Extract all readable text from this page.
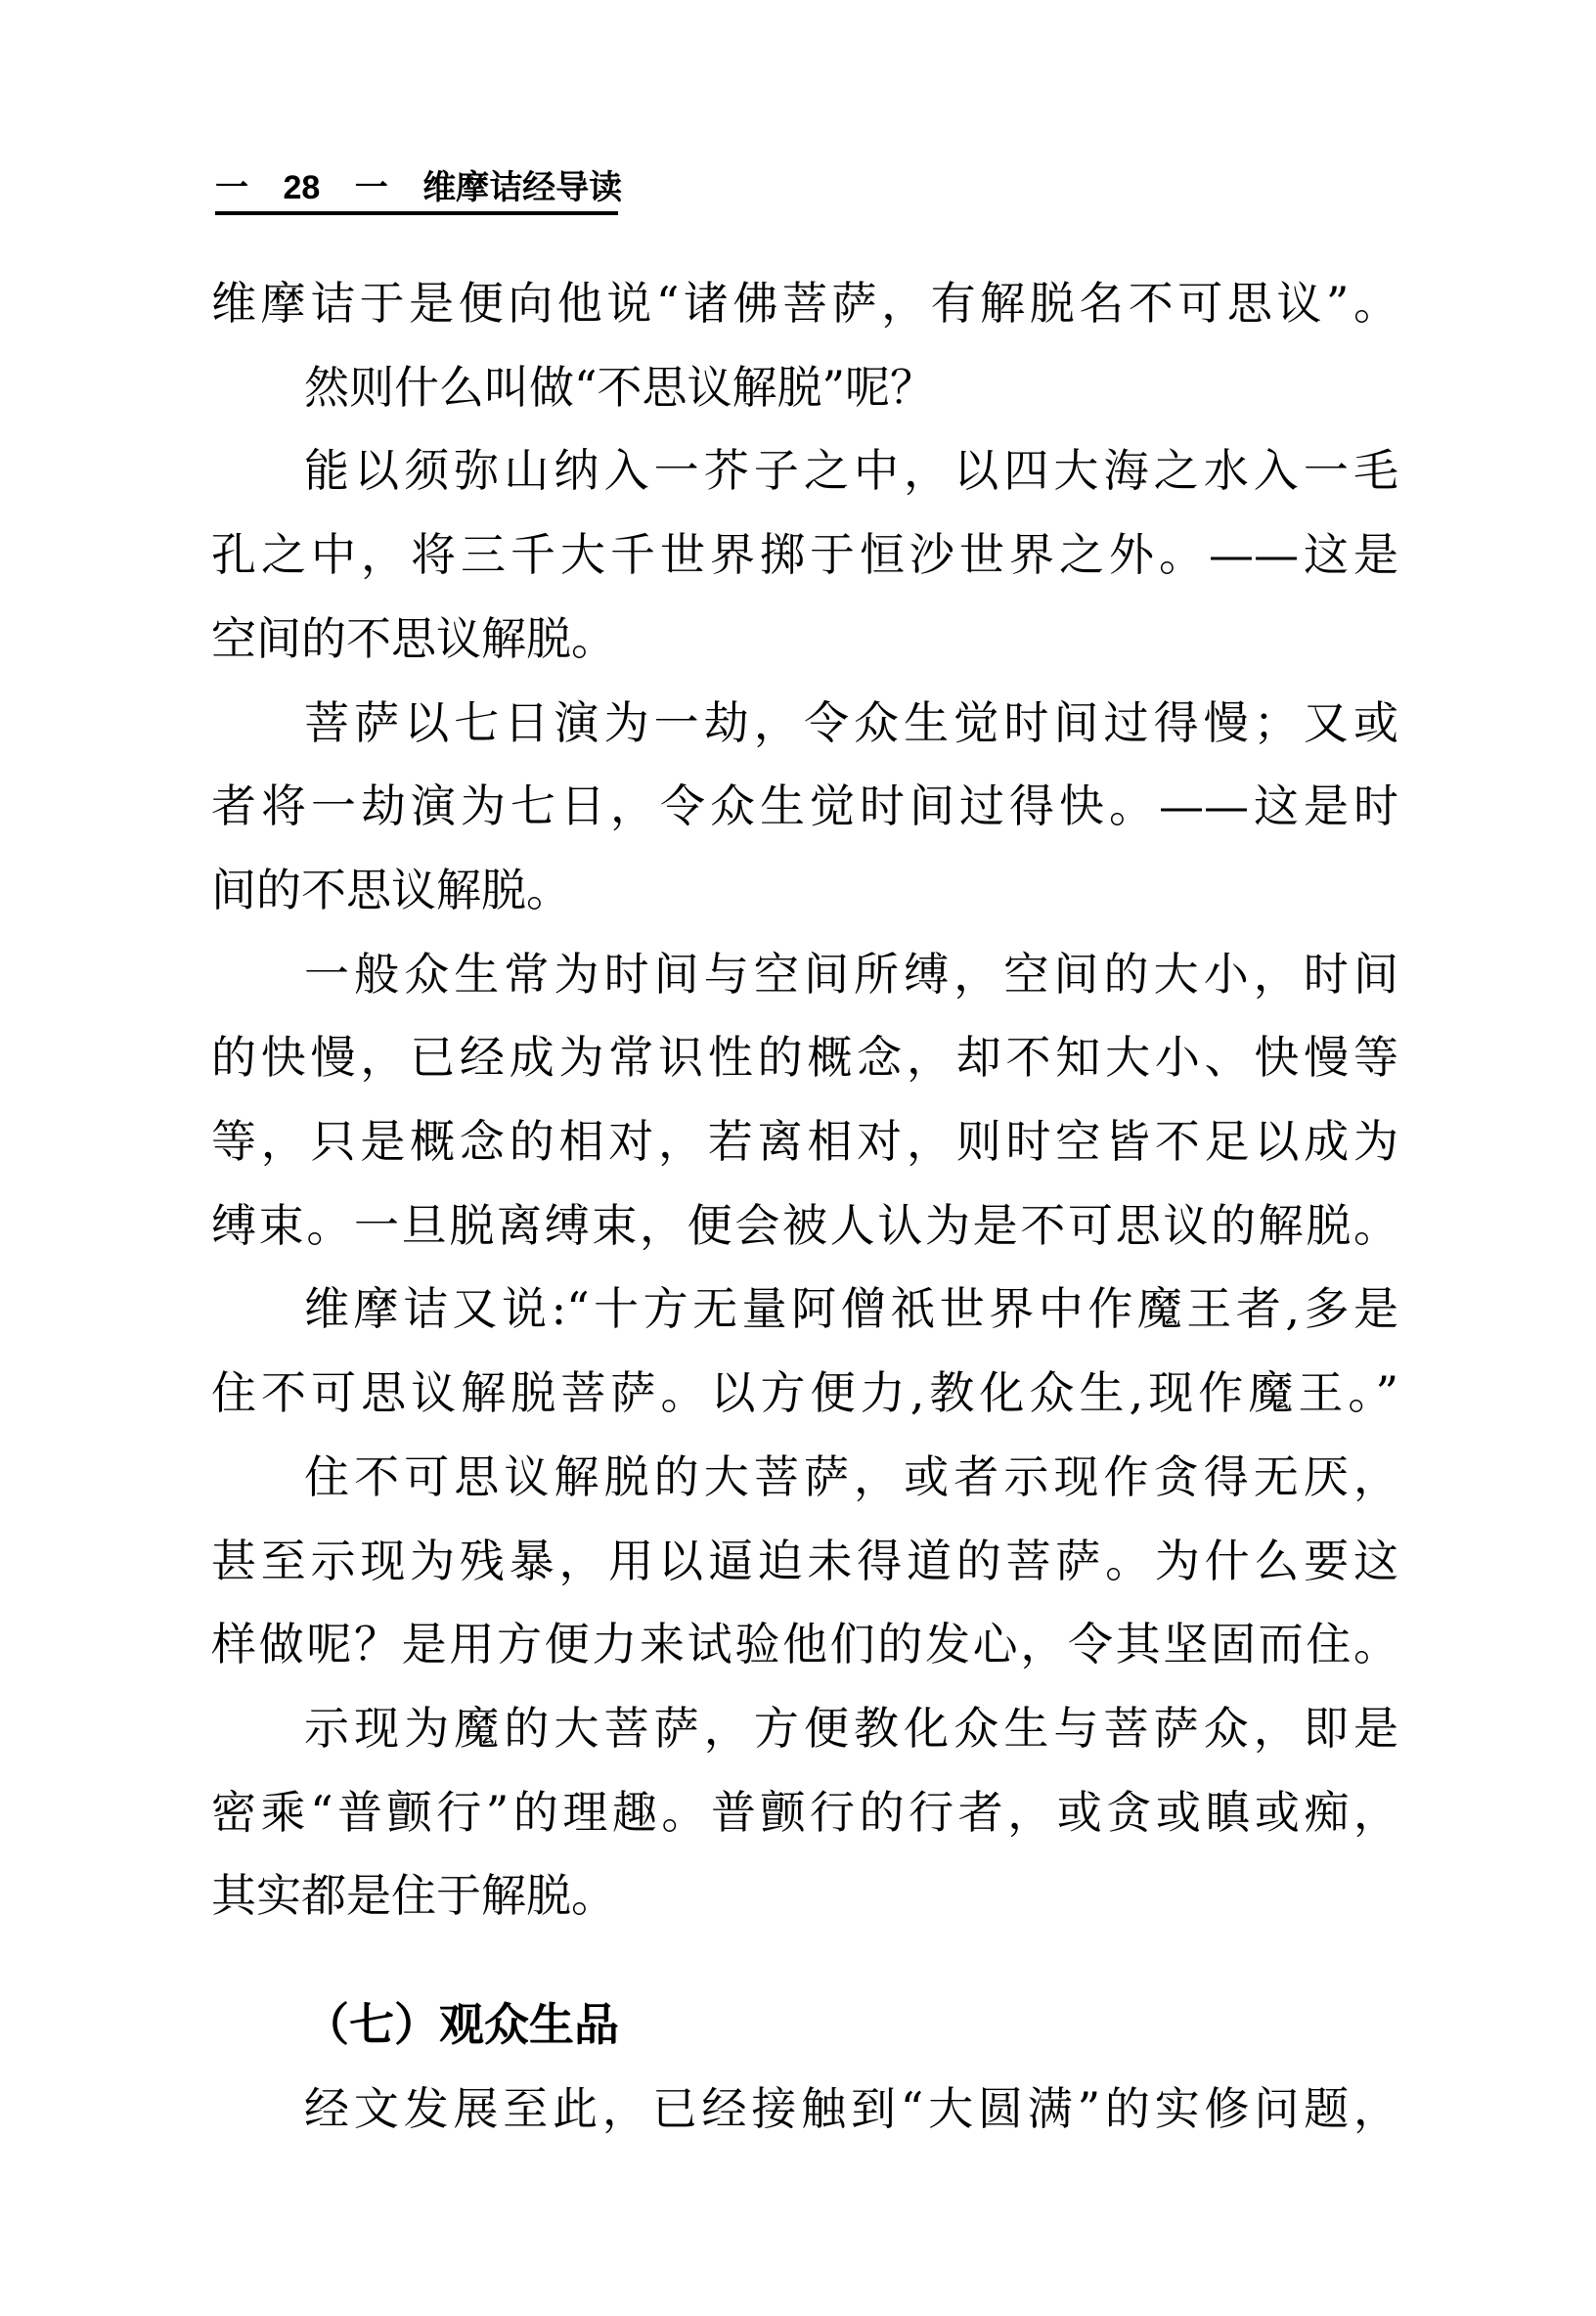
一 28 一 维摩诘经导读
维摩诘于是便向他说“诸佛菩萨，有解脱名不可思议”。
然则什么叫做“不思议解脱”呢？
能以须弥山纳入一芥子之中，以四大海之水入一毛
孔之中，将三千大千世界掷于恒沙世界之外。——这是
空间的不思议解脱。
菩萨以七日演为一劫，令众生觉时间过得慢；又或
者将一劫演为七日，令众生觉时间过得快。——这是时
间的不思议解脱。
一般众生常为时间与空间所缚，空间的大小，时间
的快慢，已经成为常识性的概念，却不知大小、快慢等
等，只是概念的相对，若离相对，则时空皆不足以成为
缚束。一旦脱离缚束，便会被人认为是不可思议的解脱。
维摩诘又说:“十方无量阿僧祇世界中作魔王者,多是
住不可思议解脱菩萨。以方便力,教化众生,现作魔王。”
住不可思议解脱的大菩萨，或者示现作贪得无厌，
甚至示现为残暴，用以逼迫未得道的菩萨。为什么要这
样做呢？是用方便力来试验他们的发心，令其坚固而住。
示现为魔的大菩萨，方便教化众生与菩萨众，即是
密乘“普颤行”的理趣。普颤行的行者，或贪或瞋或痴，
其实都是住于解脱。
（七）观众生品
经文发展至此，已经接触到“大圆满”的实修问题，
